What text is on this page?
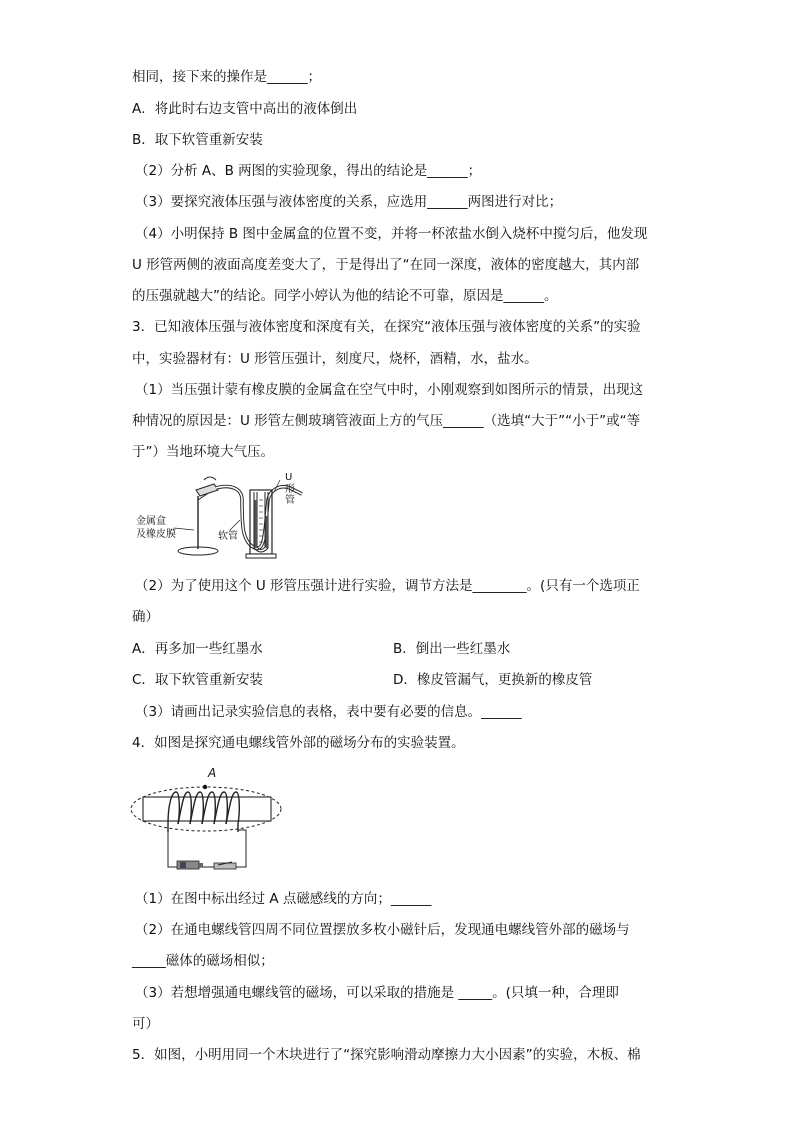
相同，接下来的操作是______；
A．将此时右边支管中高出的液体倒出
B．取下软管重新安装
（2）分析 A、B 两图的实验现象，得出的结论是______；
（3）要探究液体压强与液体密度的关系，应选用______两图进行对比；
（4）小明保持 B 图中金属盒的位置不变，并将一杯浓盐水倒入烧杯中搅匀后，他发现
U 形管两侧的液面高度差变大了，于是得出了“在同一深度，液体的密度越大，其内部
的压强就越大”的结论。同学小婷认为他的结论不可靠，原因是______。
3．已知液体压强与液体密度和深度有关，在探究“液体压强与液体密度的关系”的实验
中，实验器材有：U 形管压强计，刻度尺，烧杯，酒精，水，盐水。
（1）当压强计蒙有橡皮膜的金属盒在空气中时，小刚观察到如图所示的情景，出现这
种情况的原因是：U 形管左侧玻璃管液面上方的气压______（选填“大于”“小于”或“等
于”）当地环境大气压。
金属盒
及橡皮膜	软管
U
形管
（2）为了使用这个 U 形管压强计进行实验，调节方法是________。(只有一个选项正
确）
A．再多加一些红墨水	B．倒出一些红墨水
C．取下软管重新安装	D．橡皮管漏气，更换新的橡皮管
（3）请画出记录实验信息的表格，表中要有必要的信息。______
4．如图是探究通电螺线管外部的磁场分布的实验装置。
A
（1）在图中标出经过 A 点磁感线的方向；______
（2）在通电螺线管四周不同位置摆放多枚小磁针后，发现通电螺线管外部的磁场与
_____磁体的磁场相似；
（3）若想增强通电螺线管的磁场，可以采取的措施是 _____。(只填一种，合理即
可）
5．如图，小明用同一个木块进行了“探究影响滑动摩擦力大小因素”的实验，木板、棉
